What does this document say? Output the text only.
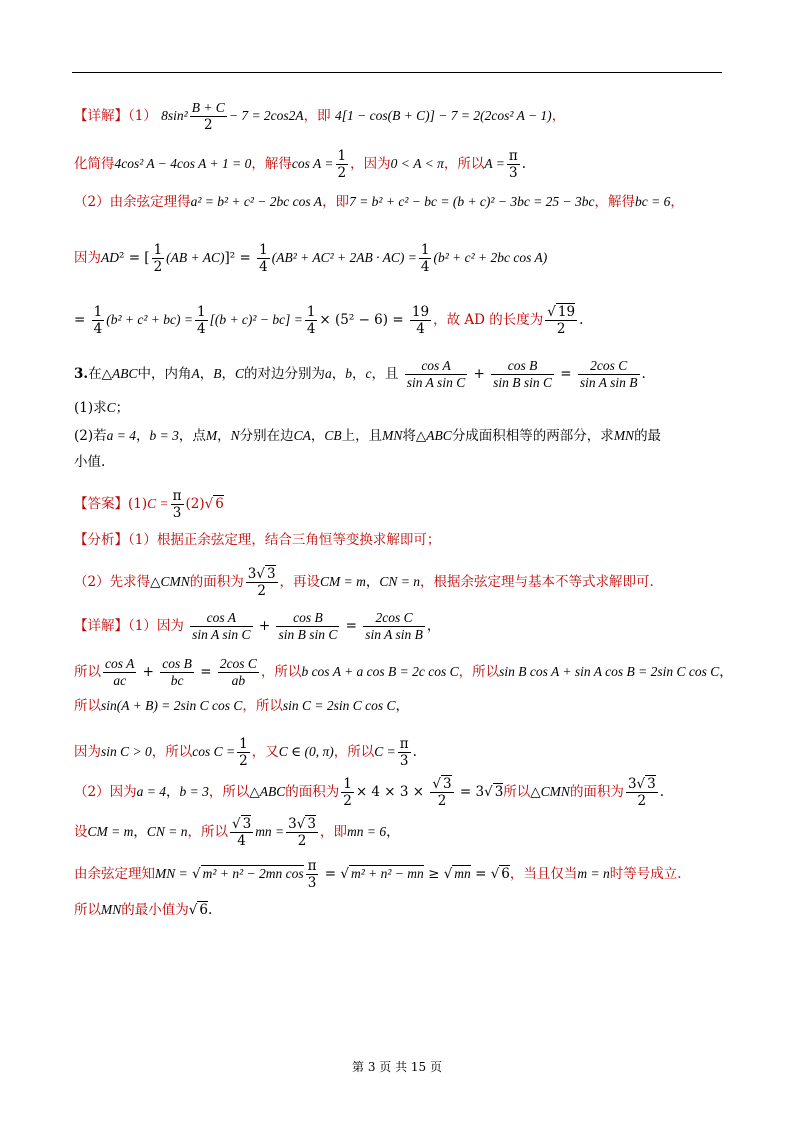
【详解】（1） $8\sin^2 \frac{B + C}{2} - 7 = 2\cos 2A$，即 4[1 − cos(B + C)] − 7 = 2(2cos² A − 1)，
化简得4cos² A − 4cos A + 1 = 0，解得$\cos A = \frac{1}{2}$ ，因为0 < A < π，所以$A = \frac{\pi}{3}$ .
（2）由余弦定理得a² = b² + c² − 2bc cos A，即7 = b² + c² − bc = (b + c)² − 3bc = 25 − 3bc，解得bc = 6，
因为AD² = [ $\frac{1}{2} (AB + AC)]^2 = \frac{1}{4} (AB^2 + AC^2 + 2AB \cdot AC) = \frac{1}{4} (b^2 + c^2 + 2bc$ cos A)
= $\frac{1}{4} (b^2 + c^2 + bc) = \frac{1}{4} [(b + c)^2 - bc] = \frac{1}{4} \times (5^2 - 6) = \frac{19}{4}$ ，故 AD 的长度为 $\frac{√ 19}{2}$ .
3.在△ABC中，内角A，B，C的对边分别为a，b，c，且 $\frac{\text{cos A}}{\text{sin A sin C}} + \frac{\text{cos B}}{\text{sin B sin C}} = \frac{\text{2cos C}}{\text{sin A sin B}}$ .
(1)求C；
(2)若a = 4，b = 3，点M，N分别在边CA，CB上，且MN将△ABC分成面积相等的两部分，求MN的最
小值.
【答案】$(1)C = \frac{\pi}{3} (2)√$ 6
【分析】（1）根据正余弦定理，结合三角恒等变换求解即可；
（2）先求得△CMN的面积为 $\frac{3√ 3}{2}$ ，再设CM = m，CN = n，根据余弦定理与基本不等式求解即可.
【详解】（1）因为 $\frac{\text{cos A}}{\text{sin A sin C}} + \frac{\text{cos B}}{\text{sin B sin C}} = \frac{\text{2cos C}}{\text{sin A sin B}}$ ，
所以 $\frac{\text{cos A}}{ac} + \frac{\text{cos B}}{bc} = \frac{\text{2cos C}}{ab}$ ，所以b cos A + a cos B = 2c cos C，所以sin B cos A + sin A cos B = 2sin C cos C，
所以sin(A + B) = 2sin C cos C，所以sin C = 2sin C cos C，
因为sin C > 0，所以$\cos C = \frac{1}{2}$ ，又C ∈ (0, π)，所以$C = \frac{\pi}{3}$ .
（2）因为a = 4，b = 3，所以△ABC的面积为 $\frac{1}{2} \times 4 \times 3 \times \frac{√ 3}{2} = 3√$ 3所以△CMN的面积为 $\frac{3√ 3}{2}$ .
设CM = m，CN = n，所以 $\frac{√ 3}{4}$ mn = $\frac{3√ 3}{2}$ ，即mn = 6，
由余弦定理知MN = √ m² + n² − 2mn $\cos \frac{\pi}{3}$ = √ m² + n² − mn ≥ √ mn = √ 6，当且仅当m = n时等号成立.
所以MN的最小值为√ 6.
第 3 页 共 15 页
